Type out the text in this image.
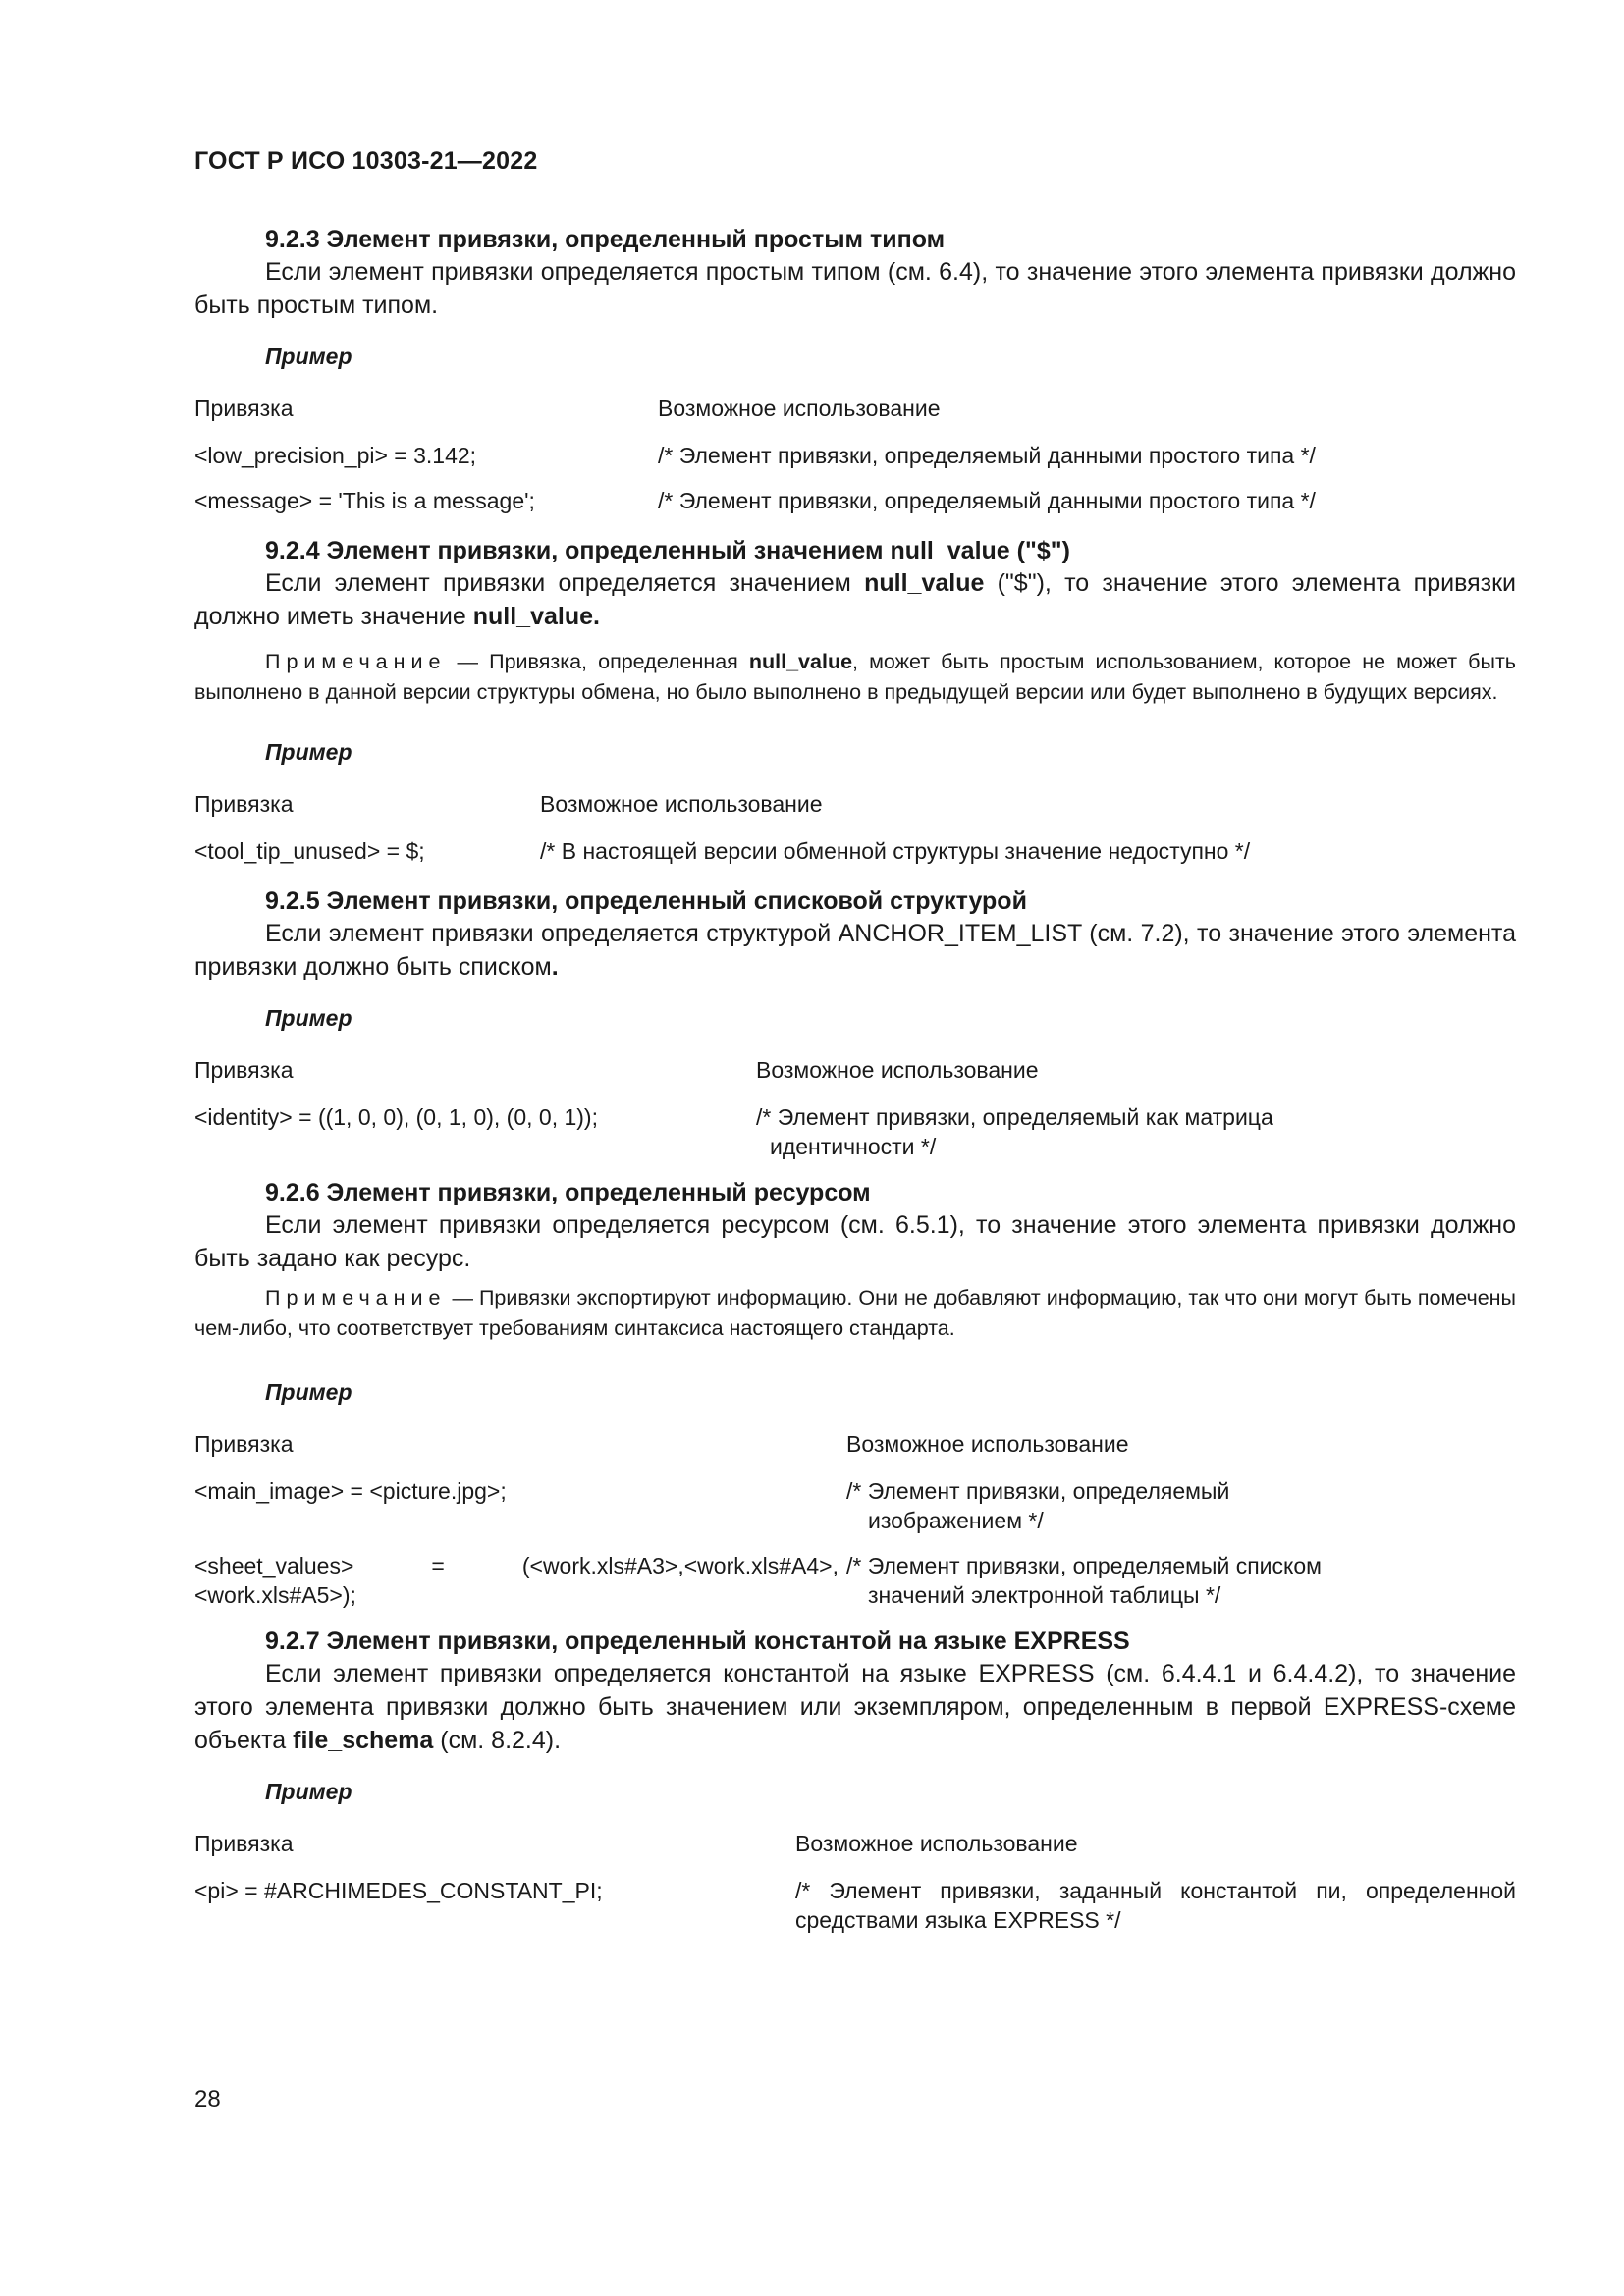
ГОСТ Р ИСО 10303-21—2022
9.2.3 Элемент привязки, определенный простым типом

Если элемент привязки определяется простым типом (см. 6.4), то значение этого элемента привязки должно быть простым типом.

Пример
Привязка	Возможное использование
<low_precision_pi> = 3.142;	/* Элемент привязки, определяемый данными простого типа */
<message> = 'This is a message';	/* Элемент привязки, определяемый данными простого типа */
9.2.4 Элемент привязки, определенный значением null_value ("$")

Если элемент привязки определяется значением null_value ("$"), то значение этого элемента привязки должно иметь значение null_value.

Примечание — Привязка, определенная null_value, может быть простым использованием, которое не может быть выполнено в данной версии структуры обмена, но было выполнено в предыдущей версии или будет выполнено в будущих версиях.

Пример
Привязка	Возможное использование
<tool_tip_unused> = $;	/* В настоящей версии обменной структуры значение недоступно */
9.2.5 Элемент привязки, определенный списковой структурой

Если элемент привязки определяется структурой ANCHOR_ITEM_LIST (см. 7.2), то значение этого элемента привязки должно быть списком.

Пример
Привязка	Возможное использование
<identity> = ((1, 0, 0), (0, 1, 0), (0, 0, 1));	/* Элемент привязки, определяемый как матрица
идентичности */
9.2.6 Элемент привязки, определенный ресурсом

Если элемент привязки определяется ресурсом (см. 6.5.1), то значение этого элемента привязки должно быть задано как ресурс.

Примечание — Привязки экспортируют информацию. Они не добавляют информацию, так что они могут быть помечены чем-либо, что соответствует требованиям синтаксиса настоящего стандарта.

Пример
Привязка	Возможное использование
<main_image> = <picture.jpg>;	/* Элемент привязки, определяемый
изображением */

<sheet_values> = (<work.xls#A3>,<work.xls#A4>,<work.xls#A5>);	/* Элемент привязки, определяемый списком
значений электронной таблицы */
9.2.7 Элемент привязки, определенный константой на языке EXPRESS

Если элемент привязки определяется константой на языке EXPRESS (см. 6.4.4.1 и 6.4.4.2), то значение этого элемента привязки должно быть значением или экземпляром, определенным в первой EXPRESS-схеме объекта file_schema (см. 8.2.4).

Пример
Привязка	Возможное использование
<pi> = #ARCHIMEDES_CONSTANT_PI;	/* Элемент привязки, заданный константой пи, определенной средствами языка EXPRESS */
28
